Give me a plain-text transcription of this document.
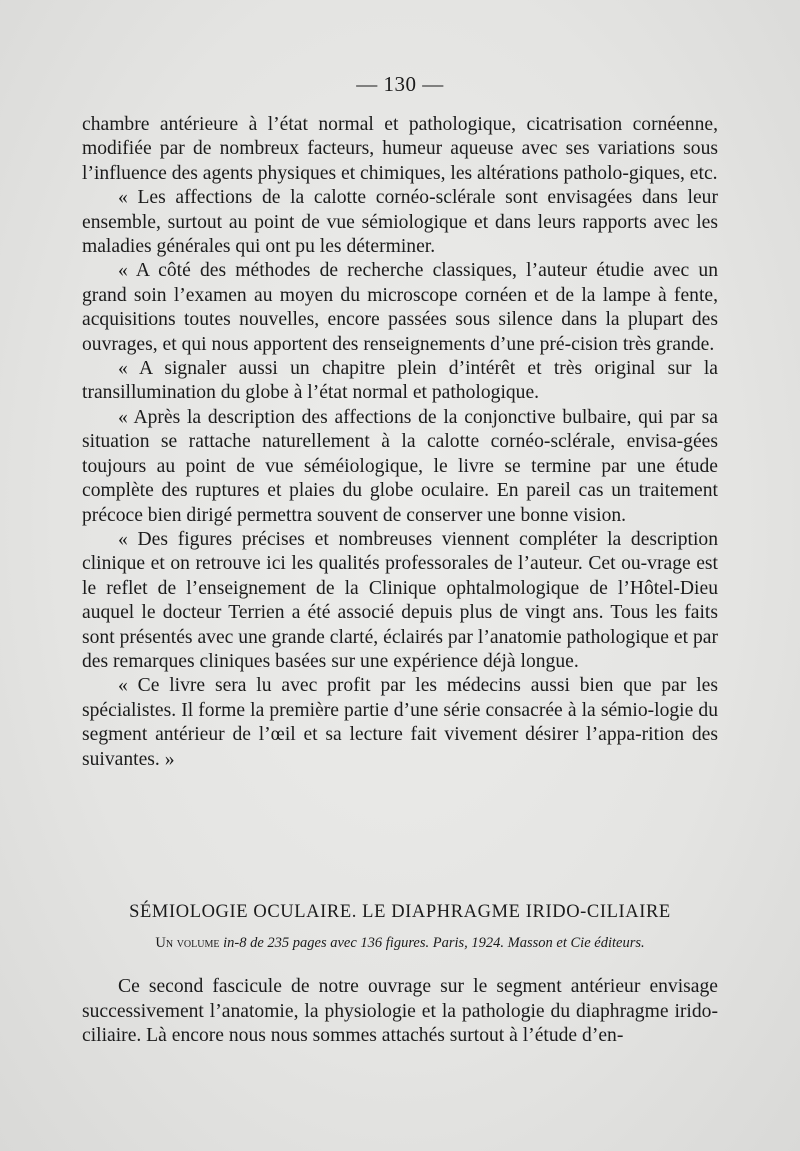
— 130 —

chambre antérieure à l’état normal et pathologique, cicatrisation cornéenne, modifiée par de nombreux facteurs, humeur aqueuse avec ses variations sous l’influence des agents physiques et chimiques, les altérations patholo-giques, etc.

« Les affections de la calotte cornéo-sclérale sont envisagées dans leur ensemble, surtout au point de vue sémiologique et dans leurs rapports avec les maladies générales qui ont pu les déterminer.

« A côté des méthodes de recherche classiques, l’auteur étudie avec un grand soin l’examen au moyen du microscope cornéen et de la lampe à fente, acquisitions toutes nouvelles, encore passées sous silence dans la plupart des ouvrages, et qui nous apportent des renseignements d’une pré-cision très grande.

« A signaler aussi un chapitre plein d’intérêt et très original sur la transillumination du globe à l’état normal et pathologique.

« Après la description des affections de la conjonctive bulbaire, qui par sa situation se rattache naturellement à la calotte cornéo-sclérale, envisa-gées toujours au point de vue séméiologique, le livre se termine par une étude complète des ruptures et plaies du globe oculaire. En pareil cas un traitement précoce bien dirigé permettra souvent de conserver une bonne vision.

« Des figures précises et nombreuses viennent compléter la description clinique et on retrouve ici les qualités professorales de l’auteur. Cet ou-vrage est le reflet de l’enseignement de la Clinique ophtalmologique de l’Hôtel-Dieu auquel le docteur Terrien a été associé depuis plus de vingt ans. Tous les faits sont présentés avec une grande clarté, éclairés par l’anatomie pathologique et par des remarques cliniques basées sur une expérience déjà longue.

« Ce livre sera lu avec profit par les médecins aussi bien que par les spécialistes. Il forme la première partie d’une série consacrée à la sémio-logie du segment antérieur de l’œil et sa lecture fait vivement désirer l’appa-rition des suivantes. »

SÉMIOLOGIE OCULAIRE. LE DIAPHRAGME IRIDO-CILIAIRE
Un volume in-8 de 235 pages avec 136 figures. Paris, 1924. Masson et Cie éditeurs.

Ce second fascicule de notre ouvrage sur le segment antérieur envisage successivement l’anatomie, la physiologie et la pathologie du diaphragme irido-ciliaire. Là encore nous nous sommes attachés surtout à l’étude d’en-
